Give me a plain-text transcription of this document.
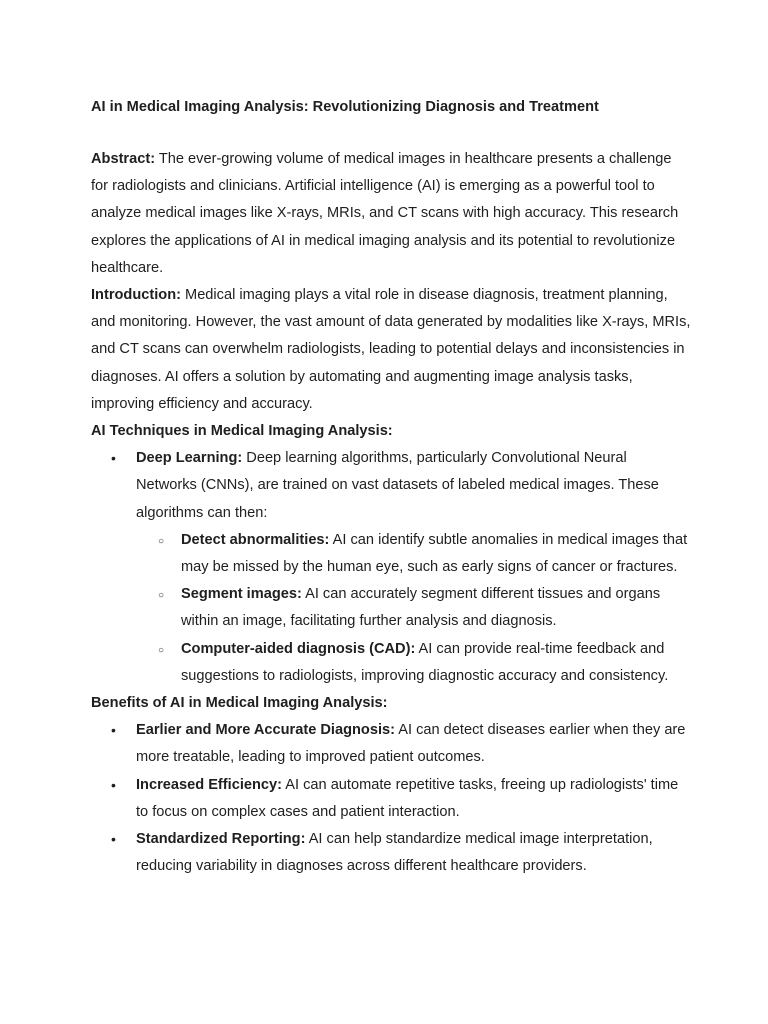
AI in Medical Imaging Analysis: Revolutionizing Diagnosis and Treatment

Abstract: The ever-growing volume of medical images in healthcare presents a challenge for radiologists and clinicians. Artificial intelligence (AI) is emerging as a powerful tool to analyze medical images like X-rays, MRIs, and CT scans with high accuracy. This research explores the applications of AI in medical imaging analysis and its potential to revolutionize healthcare.

Introduction: Medical imaging plays a vital role in disease diagnosis, treatment planning, and monitoring. However, the vast amount of data generated by modalities like X-rays, MRIs, and CT scans can overwhelm radiologists, leading to potential delays and inconsistencies in diagnoses. AI offers a solution by automating and augmenting image analysis tasks, improving efficiency and accuracy.

AI Techniques in Medical Imaging Analysis:

• Deep Learning: Deep learning algorithms, particularly Convolutional Neural Networks (CNNs), are trained on vast datasets of labeled medical images. These algorithms can then:
○ Detect abnormalities: AI can identify subtle anomalies in medical images that may be missed by the human eye, such as early signs of cancer or fractures.
○ Segment images: AI can accurately segment different tissues and organs within an image, facilitating further analysis and diagnosis.
○ Computer-aided diagnosis (CAD): AI can provide real-time feedback and suggestions to radiologists, improving diagnostic accuracy and consistency.

Benefits of AI in Medical Imaging Analysis:

• Earlier and More Accurate Diagnosis: AI can detect diseases earlier when they are more treatable, leading to improved patient outcomes.
• Increased Efficiency: AI can automate repetitive tasks, freeing up radiologists' time to focus on complex cases and patient interaction.
• Standardized Reporting: AI can help standardize medical image interpretation, reducing variability in diagnoses across different healthcare providers.
